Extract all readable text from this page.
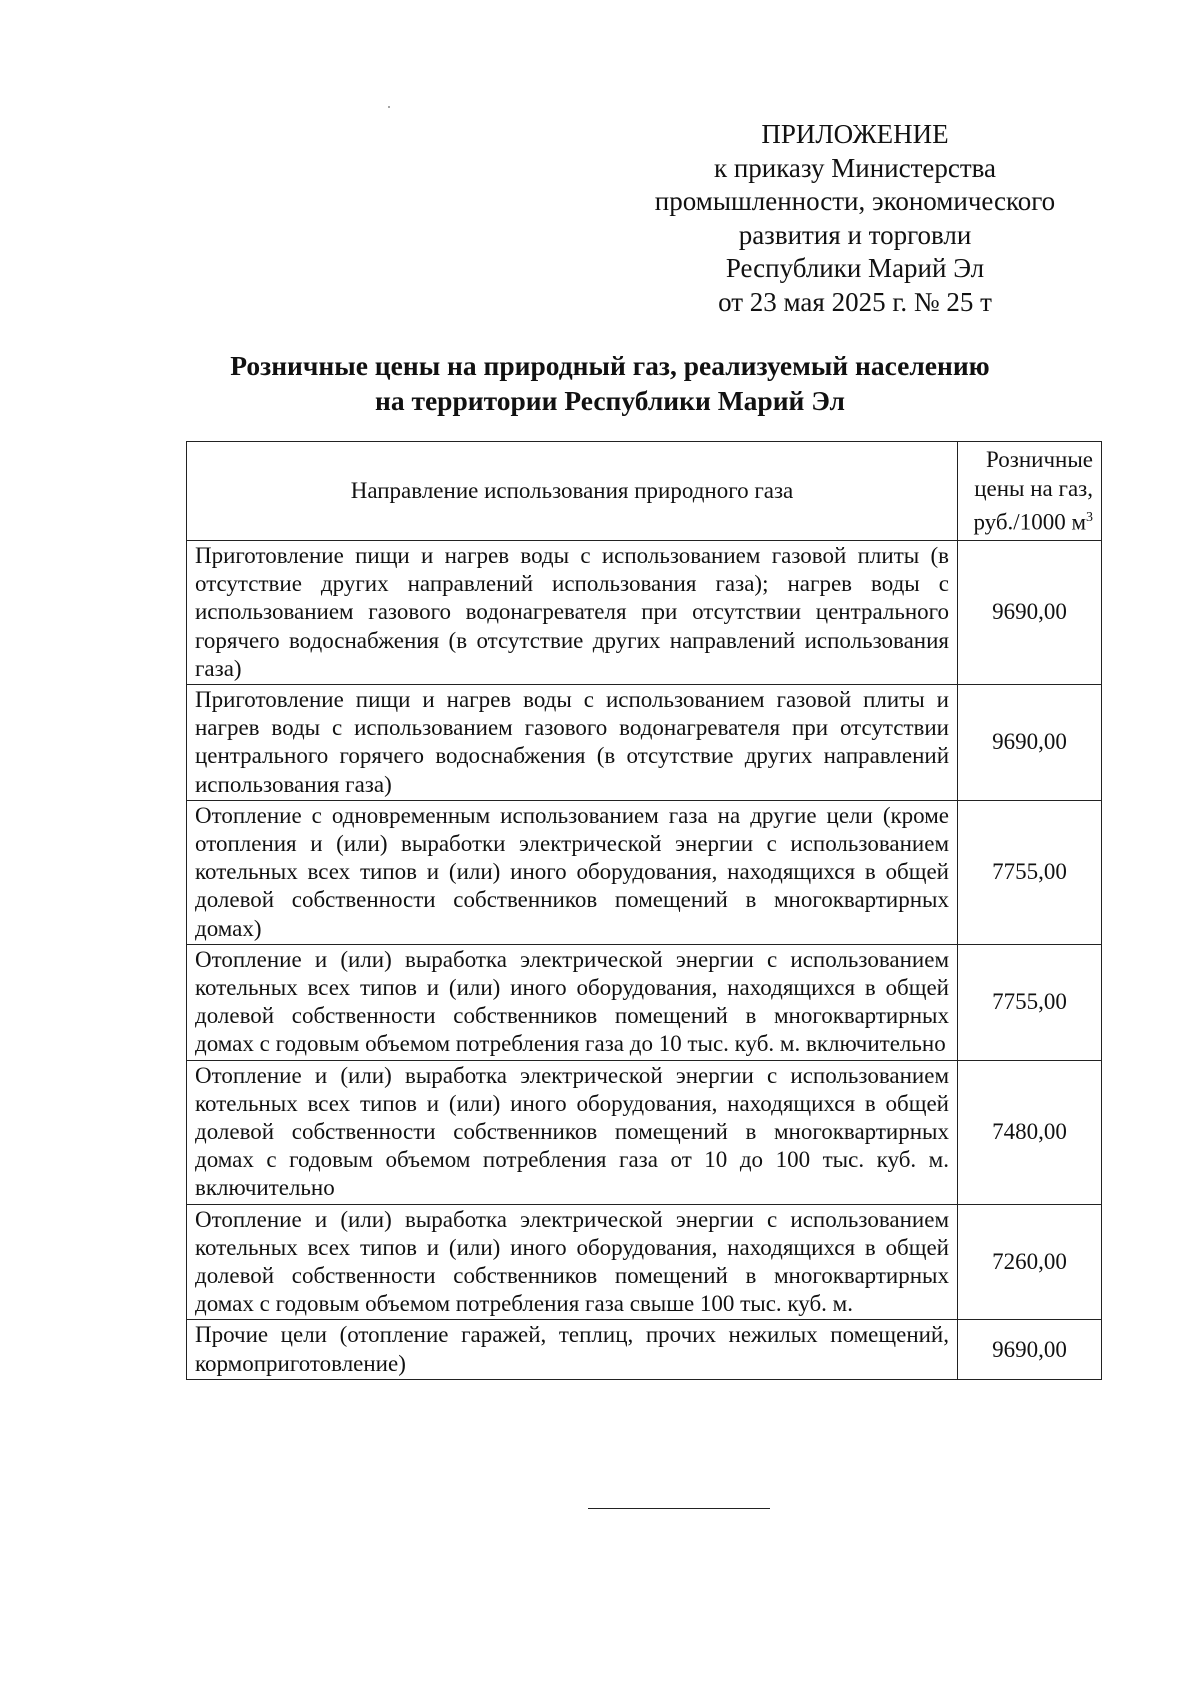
ПРИЛОЖЕНИЕ
к приказу Министерства
промышленности, экономического
развития и торговли
Республики Марий Эл
от 23 мая 2025 г. № 25 т
Розничные цены на природный газ, реализуемый населению
на территории Республики Марий Эл
Направление использования природного газа	Розничные
цены на газ,
руб./1000 $м^3$

Приготовление пищи и нагрев воды с использованием газовой плиты (в отсутствие других направлений использования газа); нагрев воды с использованием газового водонагревателя при отсутствии центрального горячего водоснабжения (в отсутствие других направлений использования газа)	9690,00
Приготовление пищи и нагрев воды с использованием газовой плиты и нагрев воды с использованием газового водонагревателя при отсутствии центрального горячего водоснабжения (в отсутствие других направлений использования газа)	9690,00
Отопление с одновременным использованием газа на другие цели (кроме отопления и (или) выработки электрической энергии с использованием котельных всех типов и (или) иного оборудования, находящихся в общей долевой собственности собственников помещений в многоквартирных домах)	7755,00
Отопление и (или) выработка электрической энергии с использованием котельных всех типов и (или) иного оборудования, находящихся в общей долевой собственности собственников помещений в многоквартирных домах с годовым объемом потребления газа до 10 тыс. куб. м. включительно	7755,00
Отопление и (или) выработка электрической энергии с использованием котельных всех типов и (или) иного оборудования, находящихся в общей долевой собственности собственников помещений в многоквартирных домах с годовым объемом потребления газа от 10 до 100 тыс. куб. м. включительно	7480,00
Отопление и (или) выработка электрической энергии с использованием котельных всех типов и (или) иного оборудования, находящихся в общей долевой собственности собственников помещений в многоквартирных домах с годовым объемом потребления газа свыше 100 тыс. куб. м.	7260,00
Прочие цели (отопление гаражей, теплиц, прочих нежилых помещений, кормоприготовление)	9690,00
